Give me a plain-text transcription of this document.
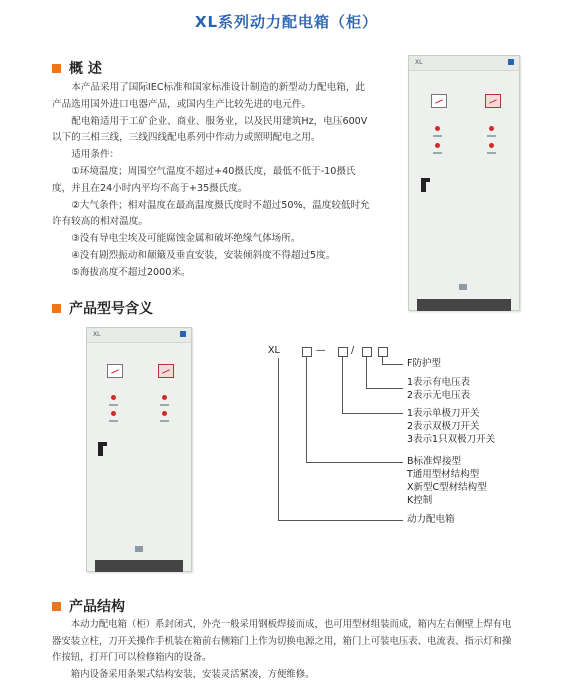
XL系列动力配电箱（柜）
概 述

本产品采用了国际IEC标准和国家标准设计制造的新型动力配电箱，此产品选用国外进口电器产品，或国内生产比较先进的电元件。

配电箱适用于工矿企业、商业、服务业，以及民用建筑Hz，电压600V以下的三相三线，三线四线配电系列中作动力或照明配电之用。

适用条件：

①环境温度；周围空气温度不超过+40摄氏度，最低不低于-10摄氏度，并且在24小时内平均不高于+35摄氏度。

②大气条件；相对温度在最高温度摄氏度时不超过50%，温度较低时允许有较高的相对温度。

③没有导电尘埃及可能腐蚀金属和破坏绝缘气体场所。

④没有剧烈振动和颠簸及垂直安装，安装倾斜度不得超过5度。

⑤海拔高度不超过2000米。

XL
产品型号含义
XL
XL	—	/
F防护型
1表示有电压表
2表示无电压表
1表示单极刀开关
2表示双极刀开关
3表示1只双极刀开关
B标准焊接型
T通用型材结构型
X新型C型材结构型
K控制
动力配电箱
产品结构

本动力配电箱（柜）系封闭式，外壳一般采用钢板焊接而成，也可用型材组装而成，箱内左右侧壁上焊有电器安装立柱，刀开关操作手机装在箱前右侧箱门上作为切换电源之用，箱门上可装电压表、电流表、指示灯和操作按钮，打开门可以检修箱内的设备。

箱内设备采用条架式结构安装，安装灵活紧凑，方便维修。
